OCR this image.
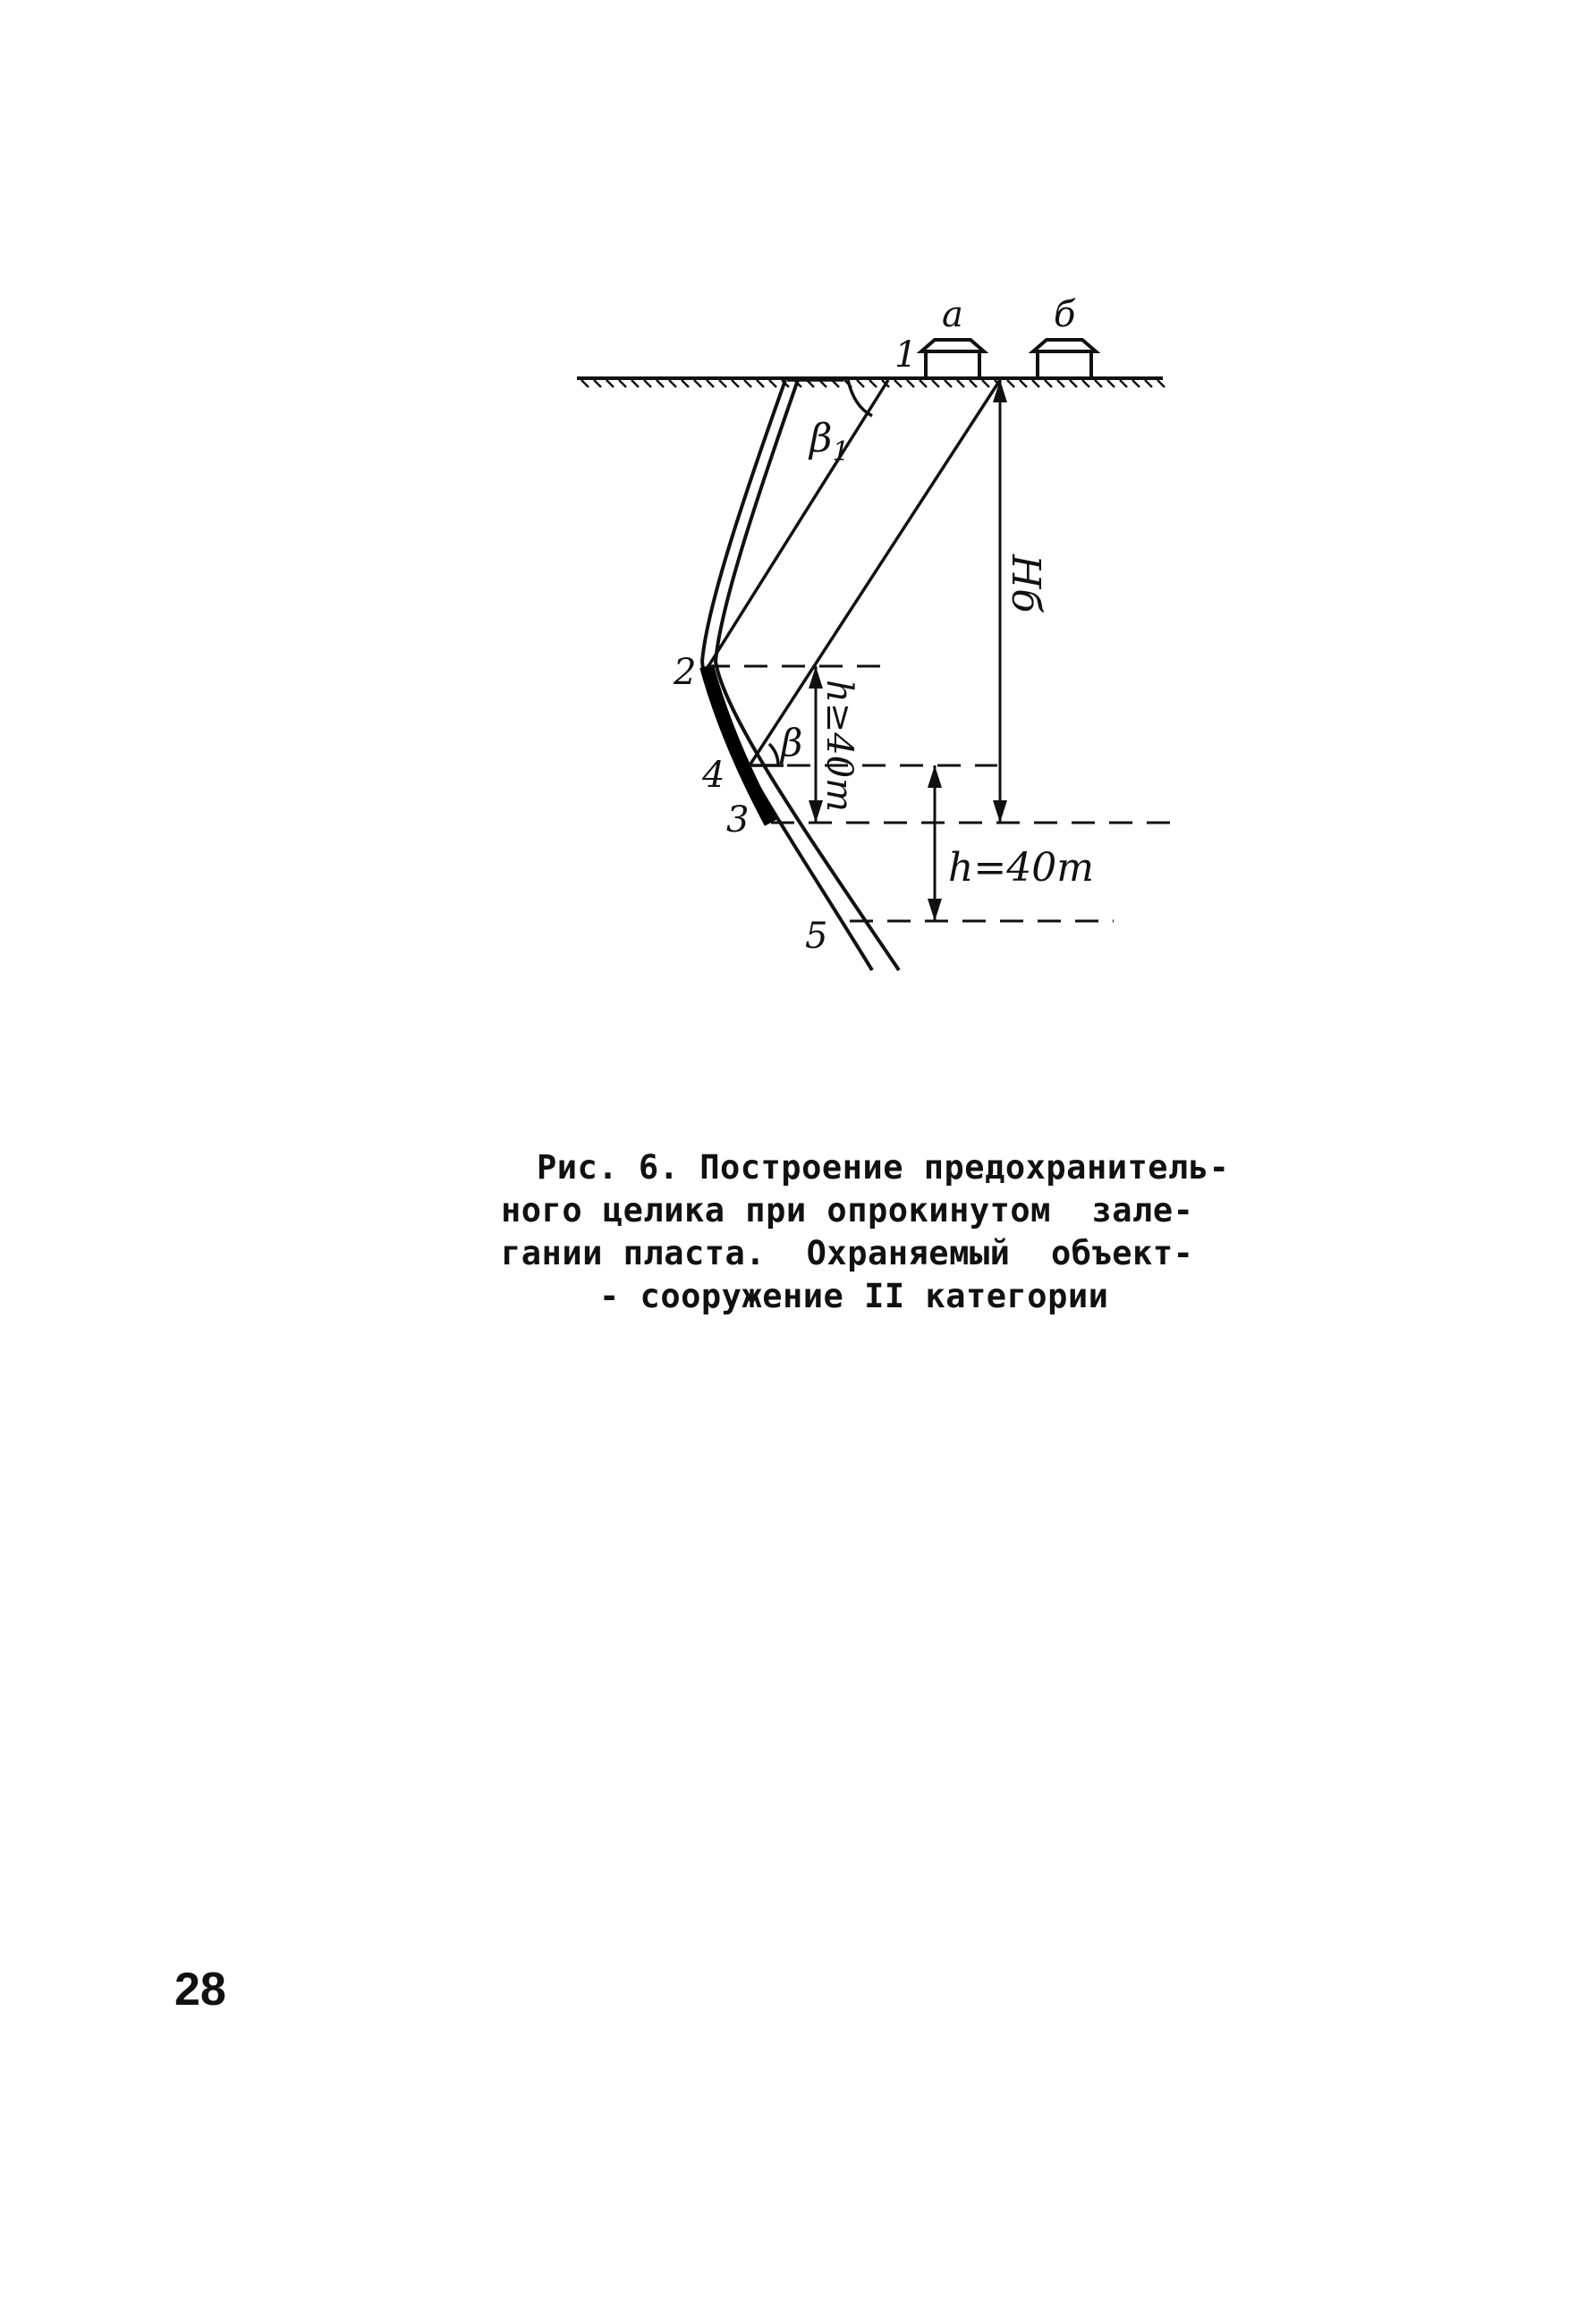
1
а	б
$\beta_1$
Hб
2
h≥40m
β
4
3
h=40m
5
Рис. 6. Построение предохранитель-
ного целика при опрокинутом  зале-
гании пласта.  Охраняемый  объект-
- сооружение II категории
28
